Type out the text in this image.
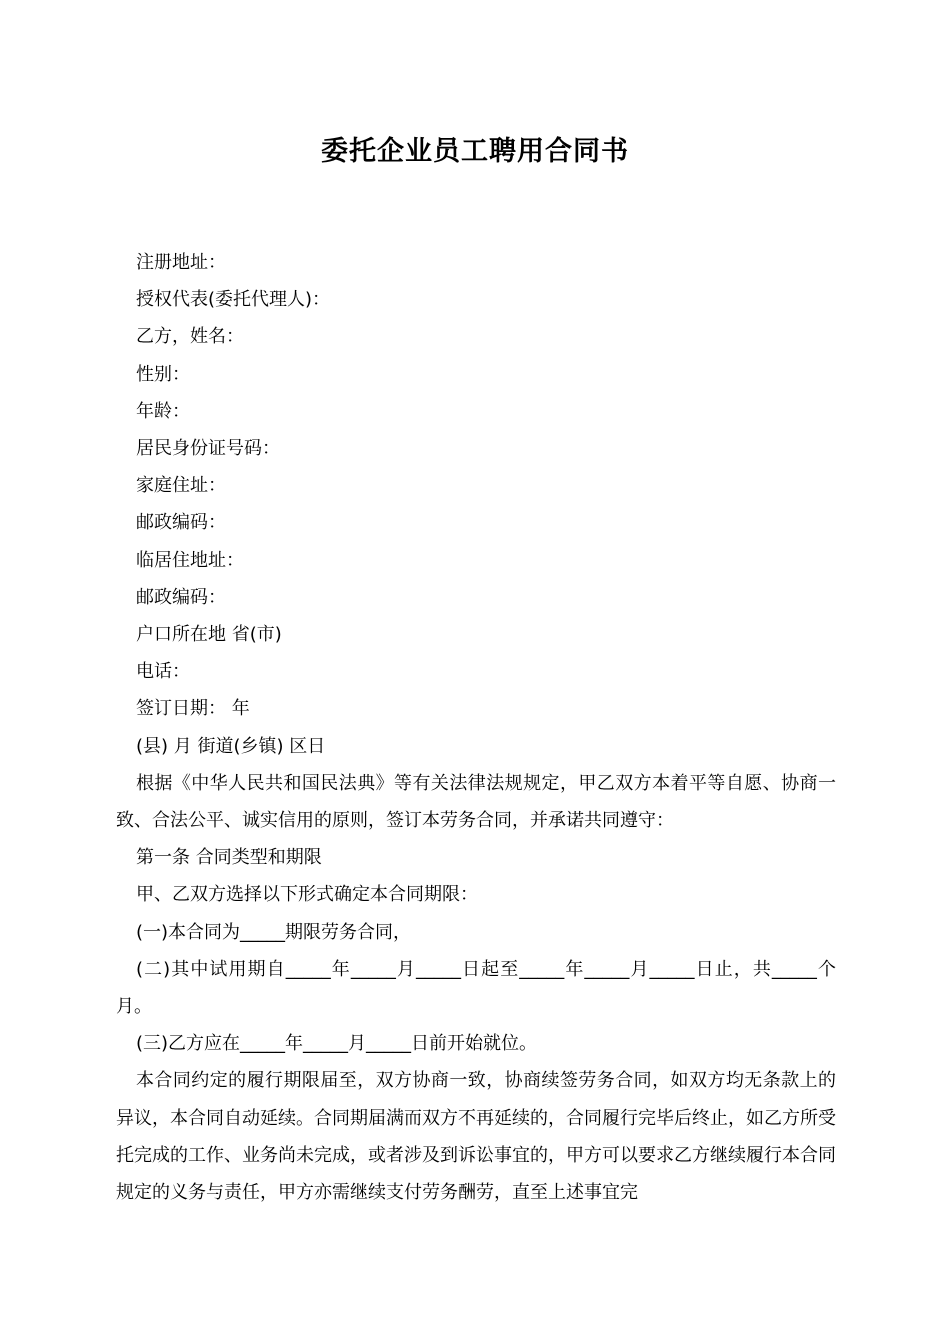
委托企业员工聘用合同书

注册地址：

授权代表(委托代理人)：

乙方，姓名：

性别：

年龄：

居民身份证号码：

家庭住址：

邮政编码：

临居住地址：

邮政编码：

户口所在地 省(市)

电话：

签订日期： 年

(县) 月 街道(乡镇) 区日

根据《中华人民共和国民法典》等有关法律法规规定，甲乙双方本着平等自愿、协商一致、合法公平、诚实信用的原则，签订本劳务合同，并承诺共同遵守：

第一条 合同类型和期限

甲、乙双方选择以下形式确定本合同期限：

(一)本合同为_____期限劳务合同，

(二)其中试用期自_____年_____月_____日起至_____年_____月_____日止，共_____个月。

(三)乙方应在_____年_____月_____日前开始就位。

本合同约定的履行期限届至，双方协商一致，协商续签劳务合同，如双方均无条款上的异议，本合同自动延续。合同期届满而双方不再延续的，合同履行完毕后终止，如乙方所受托完成的工作、业务尚未完成，或者涉及到诉讼事宜的，甲方可以要求乙方继续履行本合同规定的义务与责任，甲方亦需继续支付劳务酬劳，直至上述事宜完
